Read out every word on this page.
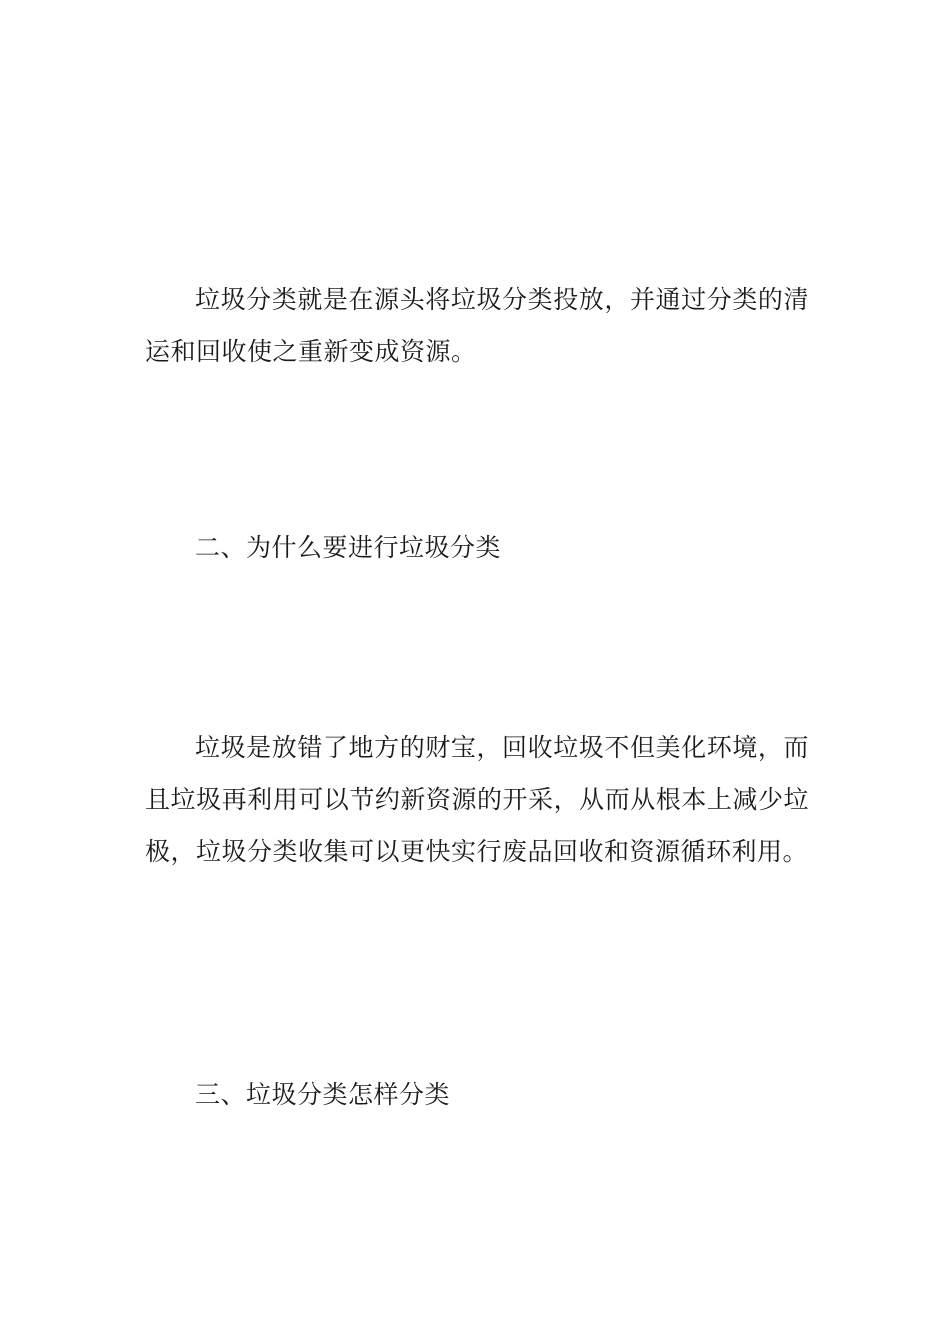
垃圾分类就是在源头将垃圾分类投放，并通过分类的清运和回收使之重新变成资源。

二、为什么要进行垃圾分类

垃圾是放错了地方的财宝，回收垃圾不但美化环境，而且垃圾再利用可以节约新资源的开采，从而从根本上减少垃极，垃圾分类收集可以更快实行废品回收和资源循环利用。

三、垃圾分类怎样分类
